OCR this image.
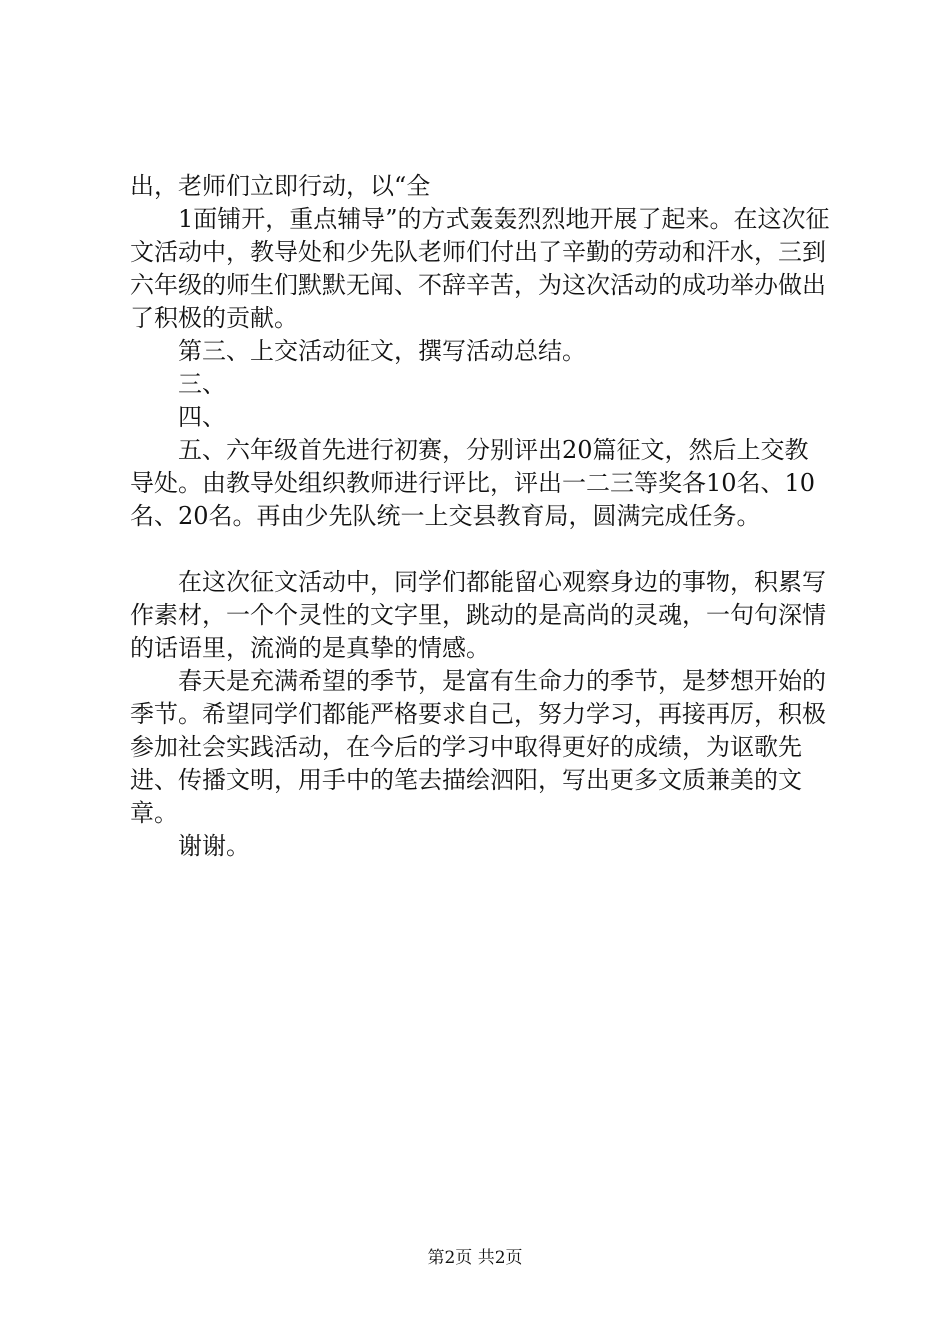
出，老师们立即行动，以“全

1面铺开，重点辅导”的方式轰轰烈烈地开展了起来。在这次征文活动中，教导处和少先队老师们付出了辛勤的劳动和汗水，三到六年级的师生们默默无闻、不辞辛苦，为这次活动的成功举办做出了积极的贡献。

第三、上交活动征文，撰写活动总结。

三、

四、

五、六年级首先进行初赛，分别评出20篇征文，然后上交教导处。由教导处组织教师进行评比，评出一二三等奖各10名、10名、20名。再由少先队统一上交县教育局，圆满完成任务。

在这次征文活动中，同学们都能留心观察身边的事物，积累写作素材，一个个灵性的文字里，跳动的是高尚的灵魂，一句句深情的话语里，流淌的是真挚的情感。

春天是充满希望的季节，是富有生命力的季节，是梦想开始的季节。希望同学们都能严格要求自己，努力学习，再接再厉，积极参加社会实践活动，在今后的学习中取得更好的成绩，为讴歌先进、传播文明，用手中的笔去描绘泗阳，写出更多文质兼美的文章。

谢谢。

第2页 共2页
